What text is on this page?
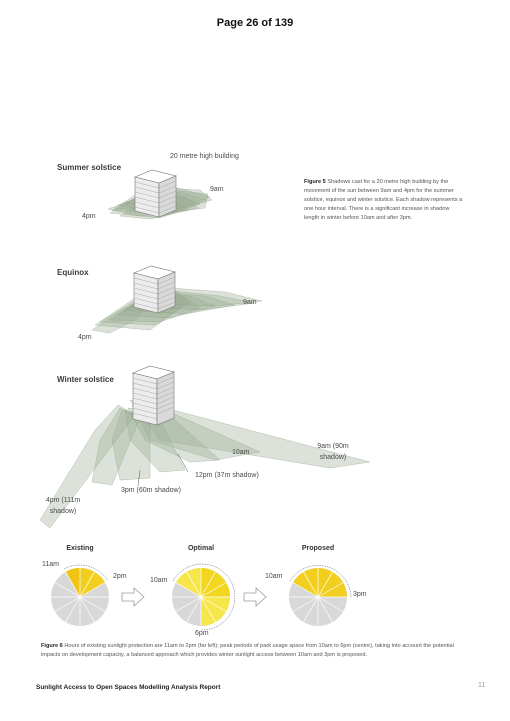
Page 26 of 139
20 metre high building
Summer solstice
9am
4pm
Figure 5 Shadows cast for a 20 metre high building by the movement of the sun between 9am and 4pm for the summer solstice, equinox and winter solstice. Each shadow represents a one hour interval. There is a significant increase in shadow length in winter before 10am and after 3pm.
Equinox
9am
4pm
Winter solstice
9am (90m shadow)
10am
12pm (37m shadow)
3pm (60m shadow)
4pm (111m shadow)
Existing	Optimal	Proposed
11am
2pm
10am
6pm
10am
3pm
Figure 6 Hours of existing sunlight protection are 11am to 2pm (far left); peak periods of park usage space from 10am to 6pm (centre), taking into account the potential impacts on development capacity, a balanced approach which provides winter sunlight access between 10am and 3pm is proposed.
Sunlight Access to Open Spaces Modelling Analysis Report	11
